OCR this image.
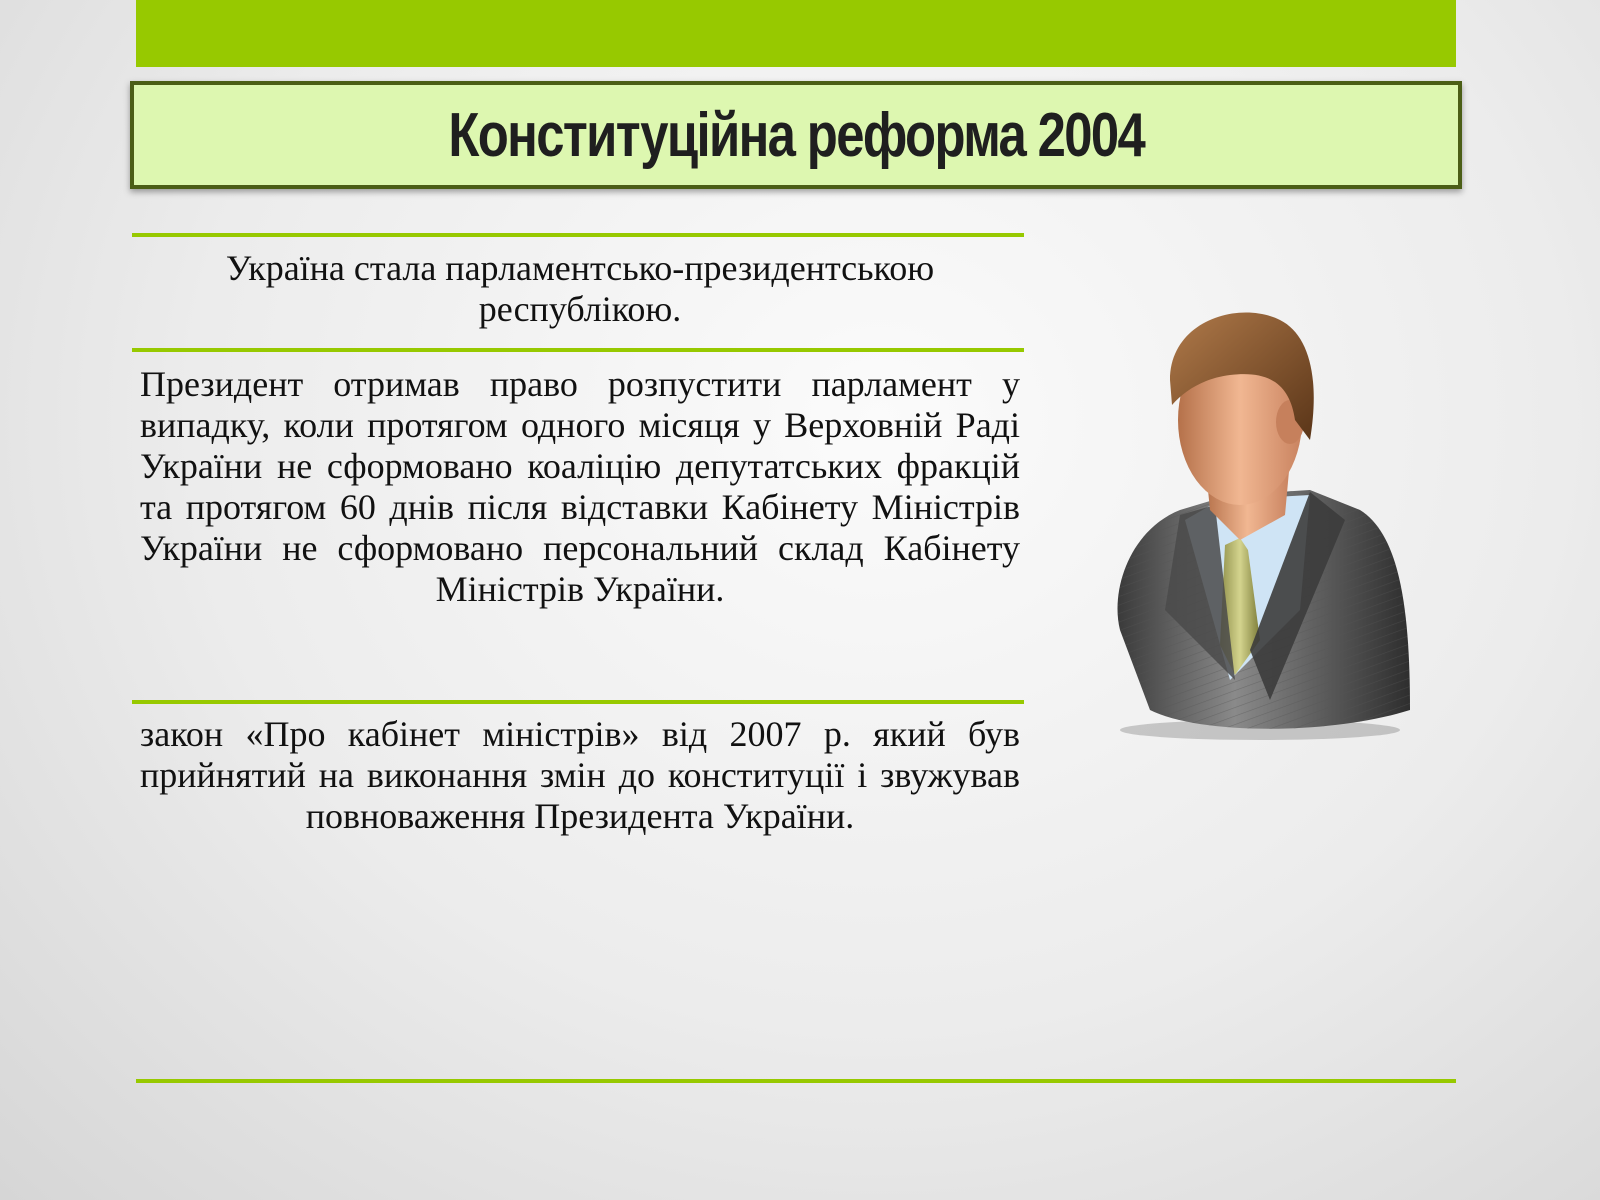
Конституційна реформа 2004
Україна стала парламентсько-президентською республікою.
Президент отримав право розпустити парламент у випадку, коли протягом одного місяця у Верховній Раді України не сформовано коаліцію депутатських фракцій та протягом 60 днів після відставки Кабінету Міністрів України не сформовано персональний склад Кабінету Міністрів України.
закон «Про кабінет міністрів» від 2007 р. який був прийнятий на виконання змін до конституції і звужував повноваження Президента України.
